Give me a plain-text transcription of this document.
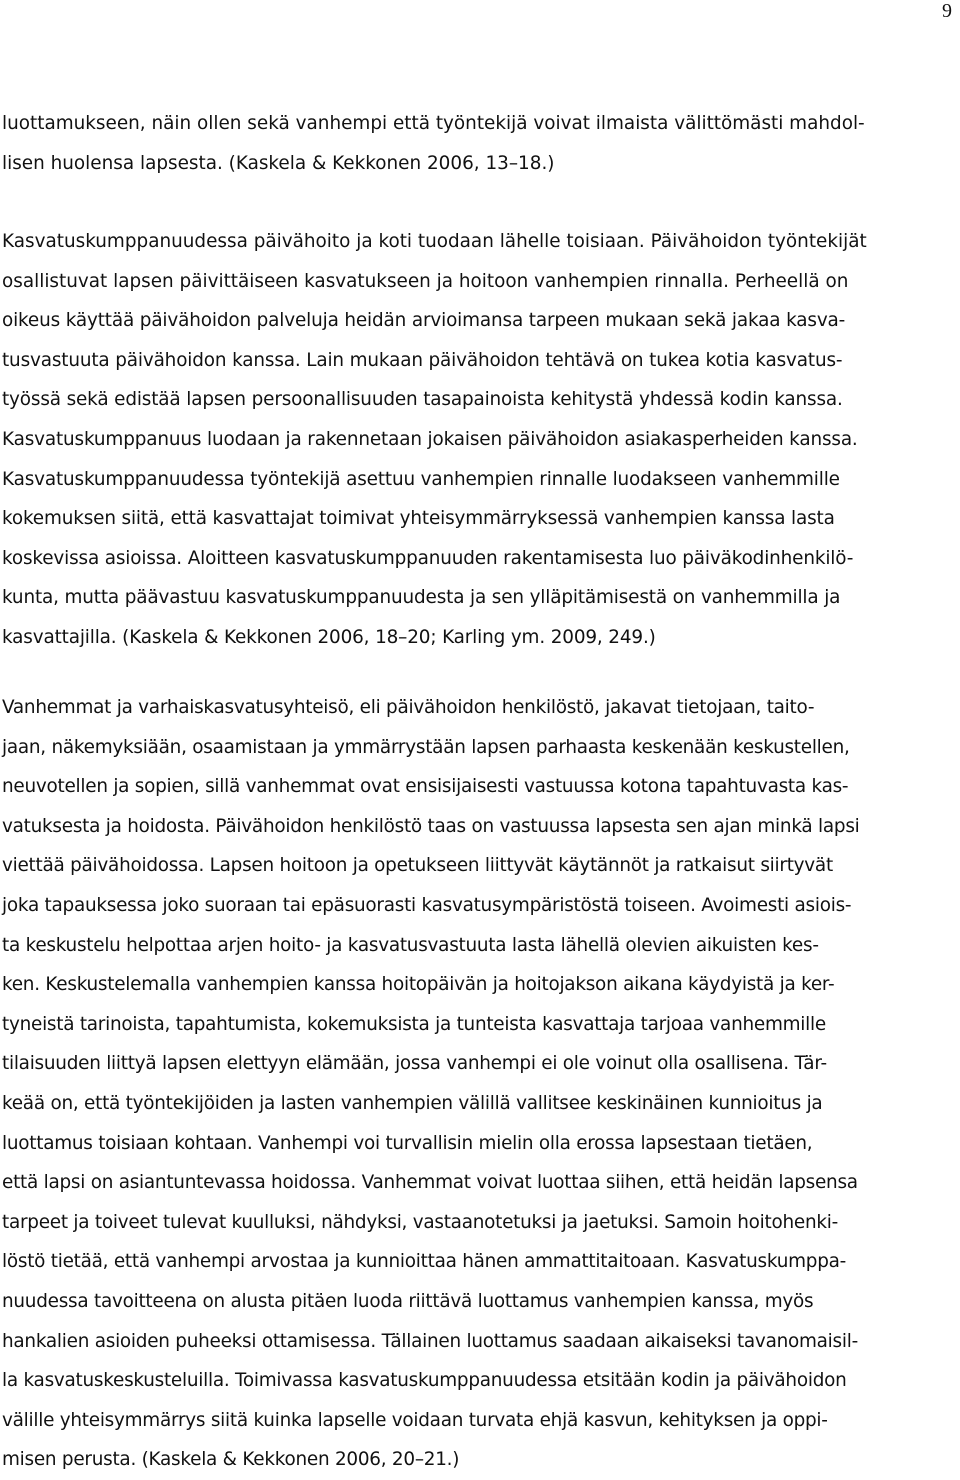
9
luottamukseen, näin ollen sekä vanhempi että työntekijä voivat ilmaista välittömästi mahdol-
lisen huolensa lapsesta. (Kaskela & Kekkonen 2006, 13–18.)
Kasvatuskumppanuudessa päivähoito ja koti tuodaan lähelle toisiaan. Päivähoidon työntekijät
osallistuvat lapsen päivittäiseen kasvatukseen ja hoitoon vanhempien rinnalla. Perheellä on
oikeus käyttää päivähoidon palveluja heidän arvioimansa tarpeen mukaan sekä jakaa kasva-
tusvastuuta päivähoidon kanssa. Lain mukaan päivähoidon tehtävä on tukea kotia kasvatus-
työssä sekä edistää lapsen persoonallisuuden tasapainoista kehitystä yhdessä kodin kanssa.
Kasvatuskumppanuus luodaan ja rakennetaan jokaisen päivähoidon asiakasperheiden kanssa.
Kasvatuskumppanuudessa työntekijä asettuu vanhempien rinnalle luodakseen vanhemmille
kokemuksen siitä, että kasvattajat toimivat yhteisymmärryksessä vanhempien kanssa lasta
koskevissa asioissa. Aloitteen kasvatuskumppanuuden rakentamisesta luo päiväkodinhenkilö-
kunta, mutta päävastuu kasvatuskumppanuudesta ja sen ylläpitämisestä on vanhemmilla ja
kasvattajilla. (Kaskela & Kekkonen 2006, 18–20; Karling ym. 2009, 249.)
Vanhemmat ja varhaiskasvatusyhteisö, eli päivähoidon henkilöstö, jakavat tietojaan, taito-
jaan, näkemyksiään, osaamistaan ja ymmärrystään lapsen parhaasta keskenään keskustellen,
neuvotellen ja sopien, sillä vanhemmat ovat ensisijaisesti vastuussa kotona tapahtuvasta kas-
vatuksesta ja hoidosta. Päivähoidon henkilöstö taas on vastuussa lapsesta sen ajan minkä lapsi
viettää päivähoidossa. Lapsen hoitoon ja opetukseen liittyvät käytännöt ja ratkaisut siirtyvät
joka tapauksessa joko suoraan tai epäsuorasti kasvatusympäristöstä toiseen. Avoimesti asiois-
ta keskustelu helpottaa arjen hoito- ja kasvatusvastuuta lasta lähellä olevien aikuisten kes-
ken. Keskustelemalla vanhempien kanssa hoitopäivän ja hoitojakson aikana käydyistä ja ker-
tyneistä tarinoista, tapahtumista, kokemuksista ja tunteista kasvattaja tarjoaa vanhemmille
tilaisuuden liittyä lapsen elettyyn elämään, jossa vanhempi ei ole voinut olla osallisena. Tär-
keää on, että työntekijöiden ja lasten vanhempien välillä vallitsee keskinäinen kunnioitus ja
luottamus toisiaan kohtaan. Vanhempi voi turvallisin mielin olla erossa lapsestaan tietäen,
että lapsi on asiantuntevassa hoidossa. Vanhemmat voivat luottaa siihen, että heidän lapsensa
tarpeet ja toiveet tulevat kuulluksi, nähdyksi, vastaanotetuksi ja jaetuksi. Samoin hoitohenki-
löstö tietää, että vanhempi arvostaa ja kunnioittaa hänen ammattitaitoaan. Kasvatuskumppa-
nuudessa tavoitteena on alusta pitäen luoda riittävä luottamus vanhempien kanssa, myös
hankalien asioiden puheeksi ottamisessa. Tällainen luottamus saadaan aikaiseksi tavanomaisil-
la kasvatuskeskusteluilla. Toimivassa kasvatuskumppanuudessa etsitään kodin ja päivähoidon
välille yhteisymmärrys siitä kuinka lapselle voidaan turvata ehjä kasvun, kehityksen ja oppi-
misen perusta. (Kaskela & Kekkonen 2006, 20–21.)
